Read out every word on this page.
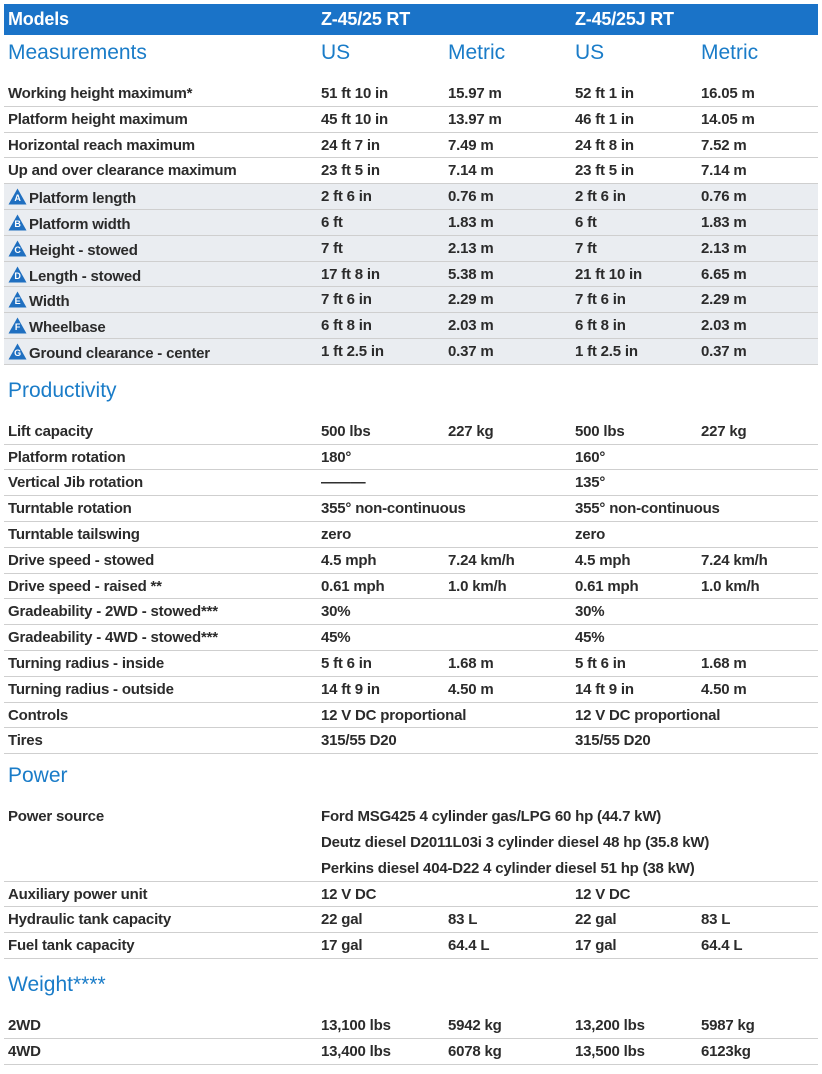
Models	Z-45/25 RT	Z-45/25J RT
Measurements	US	Metric	US	Metric
Working height maximum*	51 ft 10 in	15.97 m	52 ft 1 in	16.05 m
Platform height maximum	45 ft 10 in	13.97 m	46 ft 1 in	14.05 m
Horizontal reach maximum	24 ft 7 in	7.49 m	24 ft 8 in	7.52 m
Up and over clearance maximum	23 ft 5 in	7.14 m	23 ft 5 in	7.14 m
A Platform length	2 ft 6 in	0.76 m	2 ft 6 in	0.76 m
B Platform width	6 ft	1.83 m	6 ft	1.83 m
C Height - stowed	7 ft	2.13 m	7 ft	2.13 m
D Length - stowed	17 ft 8 in	5.38 m	21 ft 10 in	6.65 m
E Width	7 ft 6 in	2.29 m	7 ft 6 in	2.29 m
F Wheelbase	6 ft 8 in	2.03 m	6 ft 8 in	2.03 m
G Ground clearance - center	1 ft 2.5 in	0.37 m	1 ft 2.5 in	0.37 m
Productivity
Lift capacity	500 lbs	227 kg	500 lbs	227 kg
Platform rotation	180°	160°
Vertical Jib rotation	———	135°
Turntable rotation	355° non-continuous	355° non-continuous
Turntable tailswing	zero	zero
Drive speed - stowed	4.5 mph	7.24 km/h	4.5 mph	7.24 km/h
Drive speed - raised **	0.61 mph	1.0 km/h	0.61 mph	1.0 km/h
Gradeability - 2WD - stowed***	30%	30%
Gradeability - 4WD - stowed***	45%	45%
Turning radius - inside	5 ft 6 in	1.68 m	5 ft 6 in	1.68 m
Turning radius - outside	14 ft 9 in	4.50 m	14 ft 9 in	4.50 m
Controls	12 V DC proportional	12 V DC proportional
Tires	315/55 D20	315/55 D20
Power
Power source	Ford MSG425 4 cylinder gas/LPG 60 hp (44.7 kW)
Deutz diesel D2011L03i 3 cylinder diesel 48 hp (35.8 kW)
Perkins diesel 404-D22 4 cylinder diesel 51 hp (38 kW)
Auxiliary power unit	12 V DC	12 V DC
Hydraulic tank capacity	22 gal	83 L	22 gal	83 L
Fuel tank capacity	17 gal	64.4 L	17 gal	64.4 L
Weight****
2WD	13,100 lbs	5942 kg	13,200 lbs	5987 kg
4WD	13,400 lbs	6078 kg	13,500 lbs	6123kg
